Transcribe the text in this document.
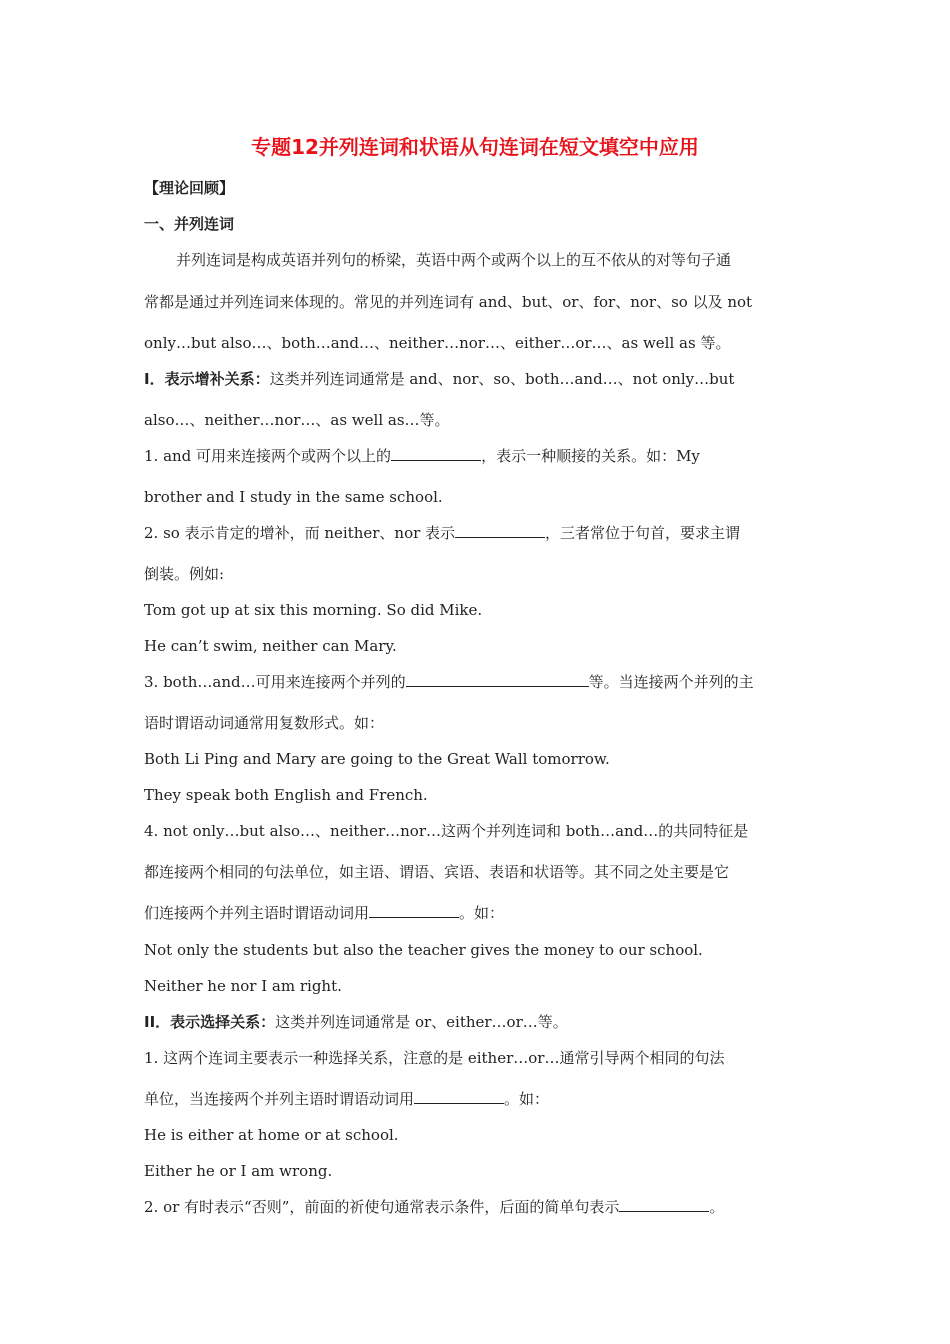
专题12并列连词和状语从句连词在短文填空中应用
【理论回顾】
一、并列连词
并列连词是构成英语并列句的桥梁，英语中两个或两个以上的互不依从的对等句子通
常都是通过并列连词来体现的。常见的并列连词有 and、but、or、for、nor、so 以及 not
only…but also…、both…and…、neither…nor…、either…or…、as well as 等。
I．表示增补关系：这类并列连词通常是 and、nor、so、both…and…、not only…but
also…、neither…nor…、as well as…等。
1. and 可用来连接两个或两个以上的	，表示一种顺接的关系。如：My
brother and I study in the same school.
2. so 表示肯定的增补，而 neither、nor 表示	，三者常位于句首，要求主谓
倒装。例如:
Tom got up at six this morning. So did Mike.
He can’t swim, neither can Mary.
3. both…and…可用来连接两个并列的	等。当连接两个并列的主
语时谓语动词通常用复数形式。如：
Both Li Ping and Mary are going to the Great Wall tomorrow.
They speak both English and French.
4. not only…but also…、neither…nor…这两个并列连词和 both…and…的共同特征是
都连接两个相同的句法单位，如主语、谓语、宾语、表语和状语等。其不同之处主要是它
们连接两个并列主语时谓语动词用	。如：
Not only the students but also the teacher gives the money to our school.
Neither he nor I am right.
II．表示选择关系：这类并列连词通常是 or、either…or…等。
1. 这两个连词主要表示一种选择关系，注意的是 either…or…通常引导两个相同的句法
单位，当连接两个并列主语时谓语动词用	。如：
He is either at home or at school.
Either he or I am wrong.
2. or 有时表示“否则”，前面的祈使句通常表示条件，后面的简单句表示	。
